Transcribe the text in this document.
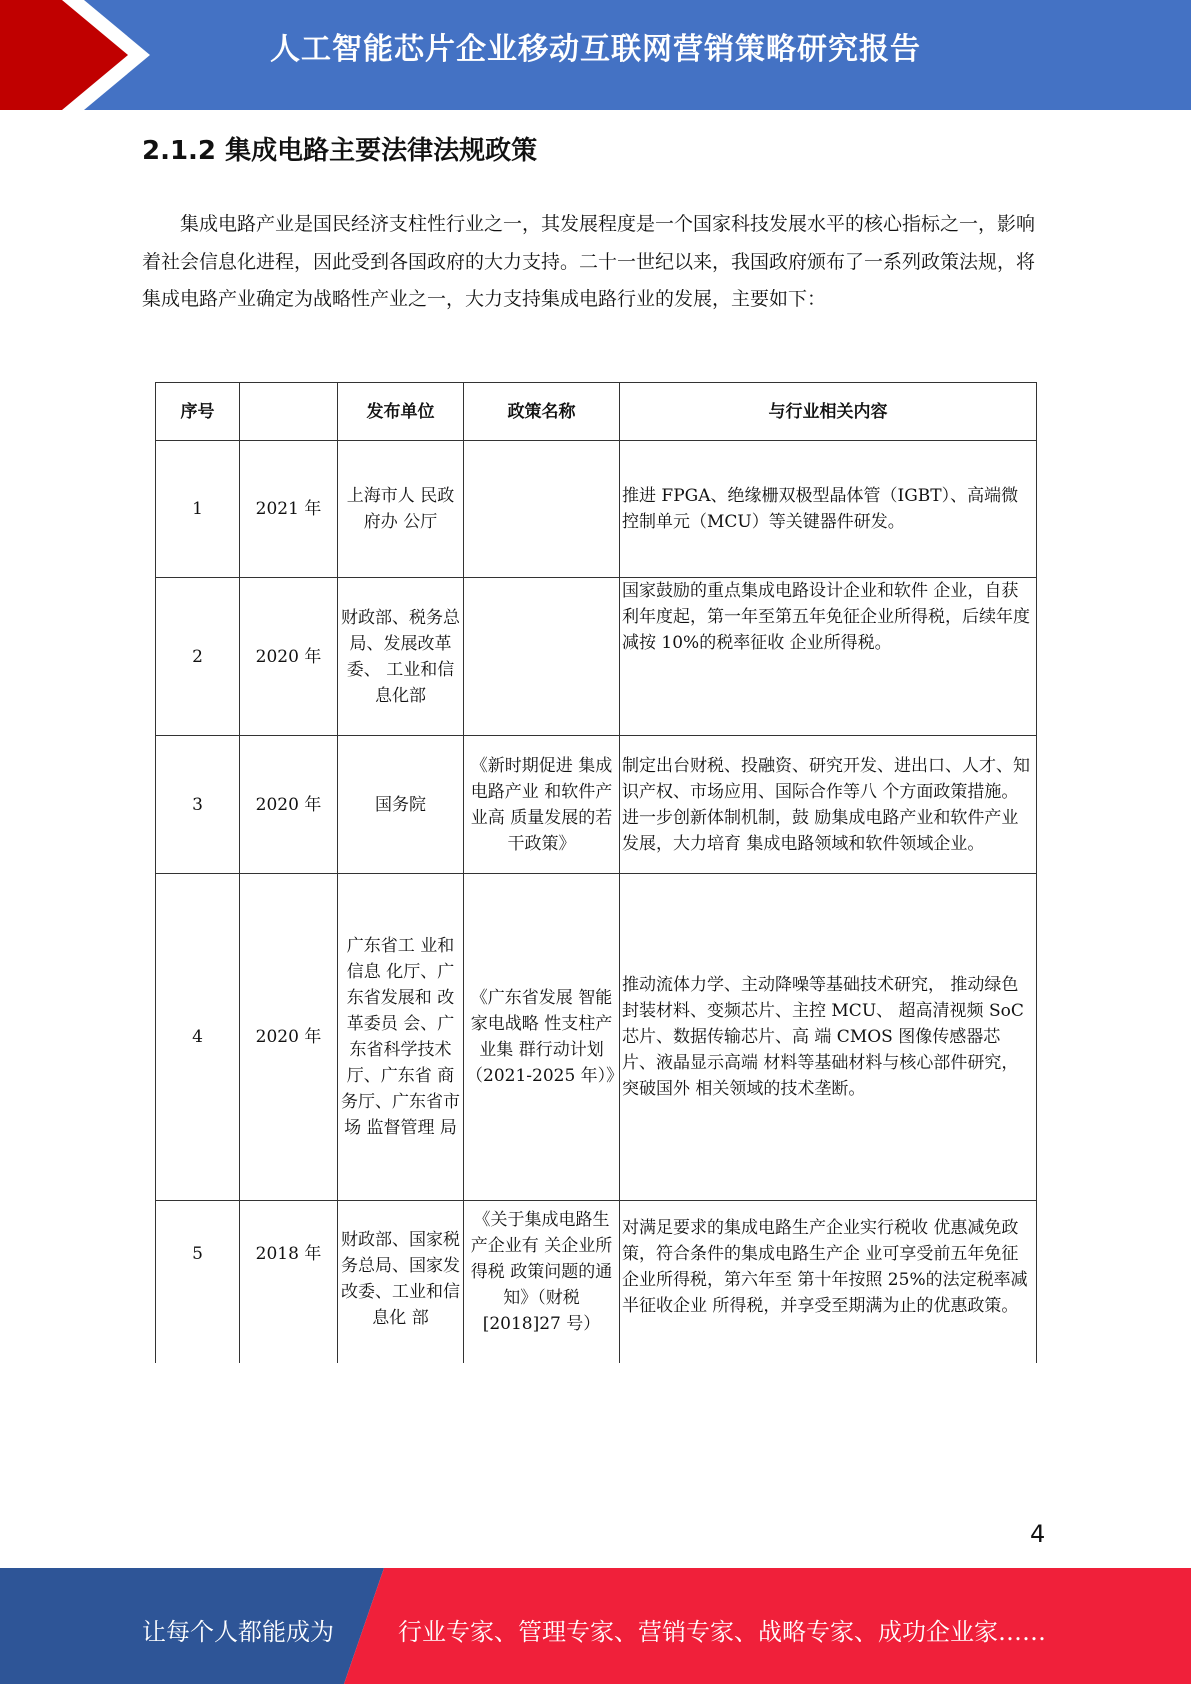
人工智能芯片企业移动互联网营销策略研究报告
2.1.2 集成电路主要法律法规政策

集成电路产业是国民经济支柱性行业之一，其发展程度是一个国家科技发展水平的核心指标之一，影响着社会信息化进程，因此受到各国政府的大力支持。二十一世纪以来，我国政府颁布了一系列政策法规，将集成电路产业确定为战略性产业之一，大力支持集成电路行业的发展，主要如下：

序号		发布单位	政策名称	与行业相关内容
1	2021 年	上海市人 民政府办 公厅		推进 FPGA、绝缘栅双极型晶体管（IGBT）、高端微控制单元（MCU）等关键器件研发。
2	2020 年	财政部、税务总局、发展改革委、 工业和信 息化部		国家鼓励的重点集成电路设计企业和软件 企业，自获利年度起，第一年至第五年免征企业所得税，后续年度减按 10%的税率征收 企业所得税。
3	2020 年	国务院	《新时期促进 集成电路产业 和软件产业高 质量发展的若 干政策》	制定出台财税、投融资、研究开发、进出口、人才、知识产权、市场应用、国际合作等八 个方面政策措施。进一步创新体制机制，鼓 励集成电路产业和软件产业发展，大力培育 集成电路领域和软件领域企业。
4	2020 年	广东省工 业和信息 化厅、广东省发展和 改革委员 会、广东省科学技术 厅、广东省 商务厅、广东省市场 监督管理 局	《广东省发展 智能家电战略 性支柱产业集 群行动计划（2021-2025 年）》	推动流体力学、主动降噪等基础技术研究， 推动绿色封装材料、变频芯片、主控 MCU、 超高清视频 SoC 芯片、数据传输芯片、高 端 CMOS 图像传感器芯片、液晶显示高端 材料等基础材料与核心部件研究，突破国外 相关领域的技术垄断。
5	2018 年	财政部、国家税务总局、国家发改委、工业和信息化 部	《关于集成电路生产企业有 关企业所得税 政策问题的通知》（财税[2018]27 号）	对满足要求的集成电路生产企业实行税收 优惠减免政策，符合条件的集成电路生产企 业可享受前五年免征企业所得税，第六年至 第十年按照 25%的法定税率减半征收企业 所得税，并享受至期满为止的优惠政策。
4
让每个人都能成为	行业专家、管理专家、营销专家、战略专家、成功企业家……
